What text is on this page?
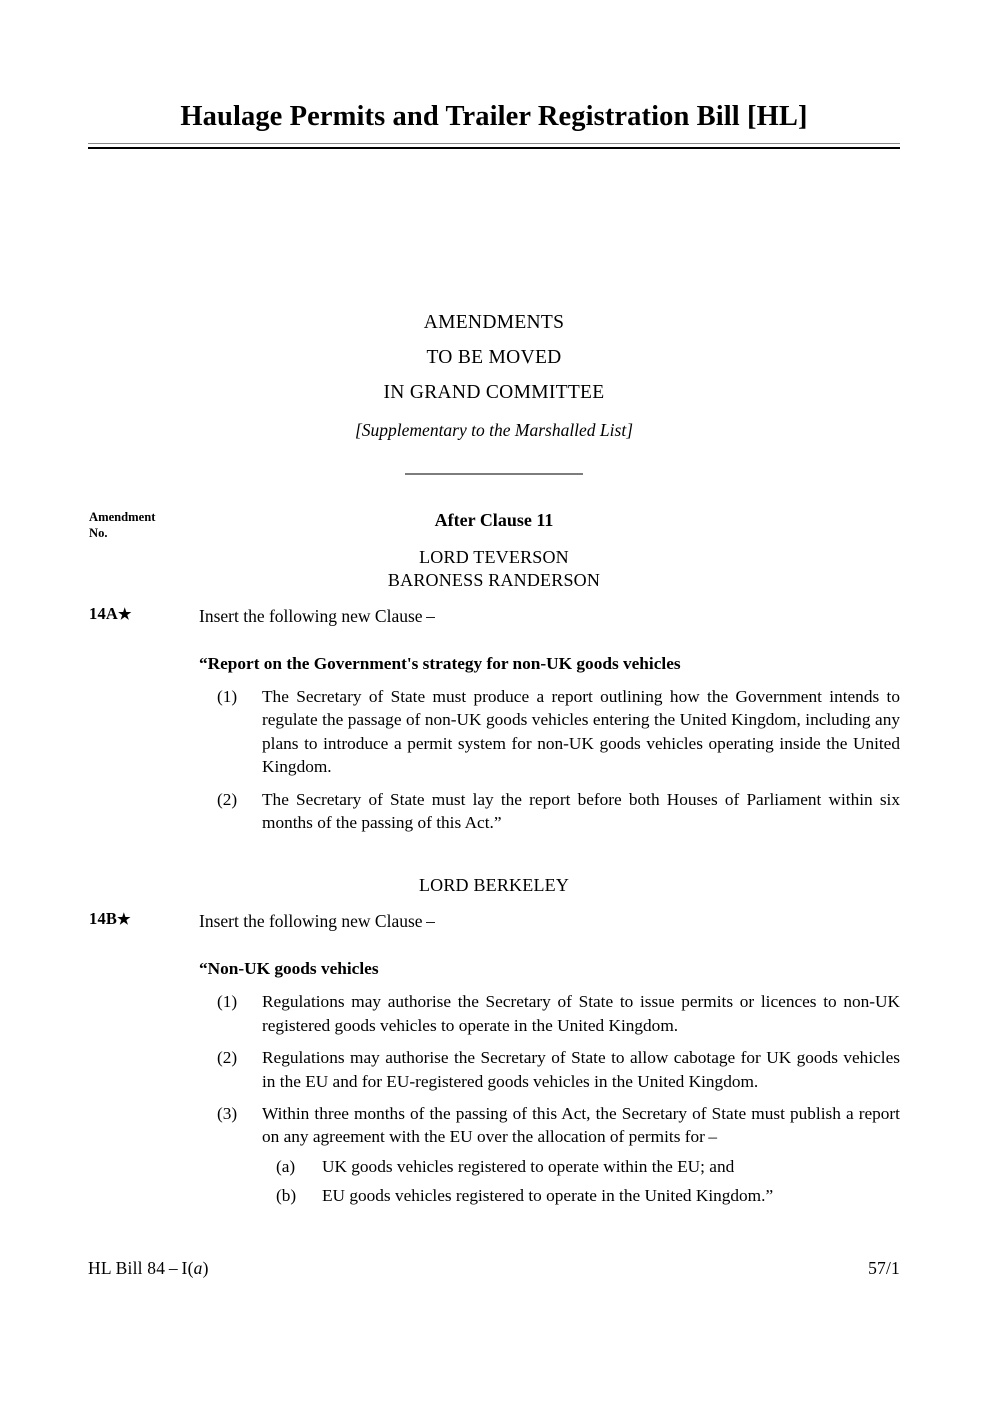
Haulage Permits and Trailer Registration Bill [HL]
AMENDMENTS
TO BE MOVED
IN GRAND COMMITTEE
[Supplementary to the Marshalled List]
Amendment
No.
After Clause 11
LORD TEVERSON
BARONESS RANDERSON
14A★	Insert the following new Clause –
“Report on the Government's strategy for non-UK goods vehicles
(1)	The Secretary of State must produce a report outlining how the Government intends to regulate the passage of non-UK goods vehicles entering the United Kingdom, including any plans to introduce a permit system for non-UK goods vehicles operating inside the United Kingdom.
(2)	The Secretary of State must lay the report before both Houses of Parliament within six months of the passing of this Act.”
LORD BERKELEY
14B★	Insert the following new Clause –
“Non-UK goods vehicles
(1)	Regulations may authorise the Secretary of State to issue permits or licences to non-UK registered goods vehicles to operate in the United Kingdom.
(2)	Regulations may authorise the Secretary of State to allow cabotage for UK goods vehicles in the EU and for EU-registered goods vehicles in the United Kingdom.
(3)	Within three months of the passing of this Act, the Secretary of State must publish a report on any agreement with the EU over the allocation of permits for –
(a) UK goods vehicles registered to operate within the EU; and
(b) EU goods vehicles registered to operate in the United Kingdom.”
HL Bill 84 – I(a)	57/1
